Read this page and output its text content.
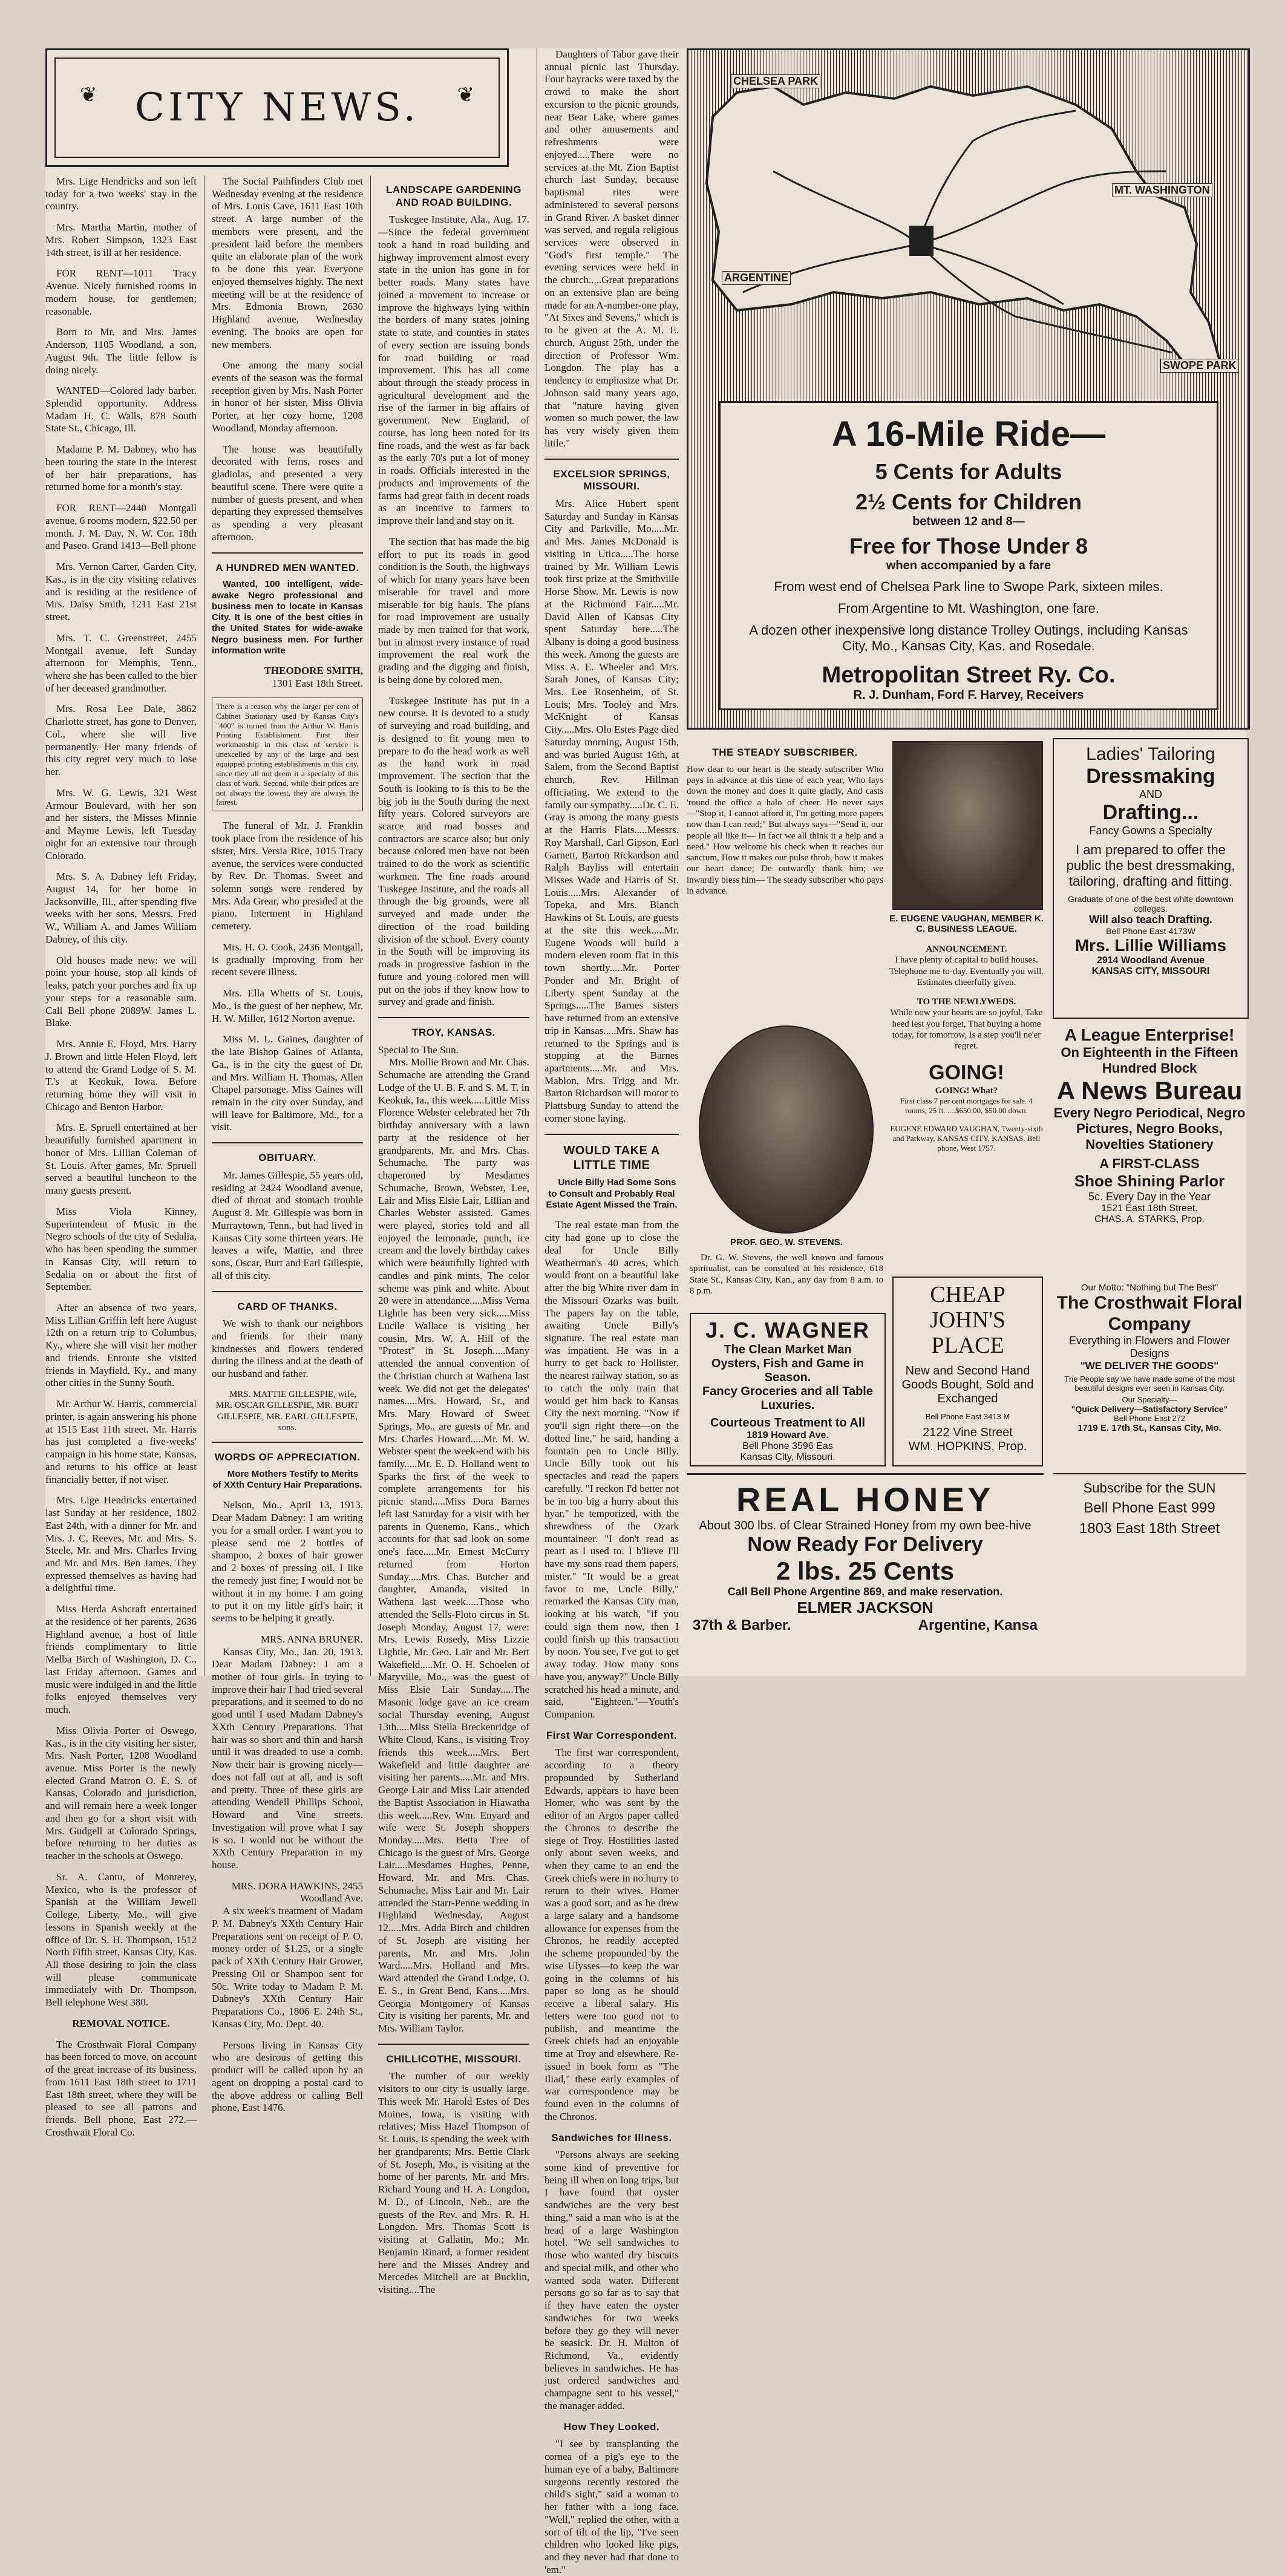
❦ CITY NEWS. ❦

Mrs. Lige Hendricks and son left today for a two weeks' stay in the country.

Mrs. Martha Martin, mother of Mrs. Robert Simpson, 1323 East 14th street, is ill at her residence.

FOR RENT—1011 Tracy Avenue. Nicely furnished rooms in modern house, for gentlemen; reasonable.

Born to Mr. and Mrs. James Anderson, 1105 Woodland, a son, August 9th. The little fellow is doing nicely.

WANTED—Colored lady barber. Splendid opportunity. Address Madam H. C. Walls, 878 South State St., Chicago, Ill.

Madame P. M. Dabney, who has been touring the state in the interest of her hair preparations, has returned home for a month's stay.

FOR RENT—2440 Montgall avenue, 6 rooms modern, $22.50 per month. J. M. Day, N. W. Cor. 18th and Paseo. Grand 1413—Bell phone

Mrs. Vernon Carter, Garden City, Kas., is in the city visiting relatives and is residing at the residence of Mrs. Daisy Smith, 1211 East 21st street.

Mrs. T. C. Greenstreet, 2455 Montgall avenue, left Sunday afternoon for Memphis, Tenn., where she has been called to the bier of her deceased grandmother.

Mrs. Rosa Lee Dale, 3862 Charlotte street, has gone to Denver, Col., where she will live permanently. Her many friends of this city regret very much to lose her.

Mrs. W. G. Lewis, 321 West Armour Boulevard, with her son and her sisters, the Misses Minnie and Mayme Lewis, left Tuesday night for an extensive tour through Colorado.

Mrs. S. A. Dabney left Friday, August 14, for her home in Jacksonville, Ill., after spending five weeks with her sons, Messrs. Fred W., William A. and James William Dabney, of this city.

Old houses made new: we will point your house, stop all kinds of leaks, patch your porches and fix up your steps for a reasonable sum. Call Bell phone 2089W. James L. Blake.

Mrs. Annie E. Floyd, Mrs. Harry J. Brown and little Helen Floyd, left to attend the Grand Lodge of S. M. T.'s at Keokuk, Iowa. Before returning home they will visit in Chicago and Benton Harbor.

Mrs. E. Spruell entertained at her beautifully furnished apartment in honor of Mrs. Lillian Coleman of St. Louis. After games, Mr. Spruell served a beautiful luncheon to the many guests present.

Miss Viola Kinney, Superintendent of Music in the Negro schools of the city of Sedalia, who has been spending the summer in Kansas City, will return to Sedalia on or about the first of September.

After an absence of two years, Miss Lillian Griffin left here August 12th on a return trip to Columbus, Ky., where she will visit her mother and friends. Enroute she visited friends in Mayfield, Ky., and many other cities in the Sunny South.

Mr. Arthur W. Harris, commercial printer, is again answering his phone at 1515 East 11th street. Mr. Harris has just completed a five-weeks' campaign in his home state, Kansas, and returns to his office at least financially better, if not wiser.

Mrs. Lige Hendricks entertained last Sunday at her residence, 1802 East 24th, with a dinner for Mr. and Mrs. J. C. Reeves, Mr. and Mrs. S. Steele, Mr. and Mrs. Charles Irving and Mr. and Mrs. Ben James. They expressed themselves as having had a delightful time.

Miss Herda Ashcraft entertained at the residence of her parents, 2636 Highland avenue, a host of little friends complimentary to little Melba Birch of Washington, D. C., last Friday afternoon. Games and music were indulged in and the little folks enjoyed themselves very much.

Miss Olivia Porter of Oswego, Kas., is in the city visiting her sister, Mrs. Nash Porter, 1208 Woodland avenue. Miss Porter is the newly elected Grand Matron O. E. S. of Kansas, Colorado and jurisdiction, and will remain here a week longer and then go for a short visit with Mrs. Gudgell at Colorado Springs, before returning to her duties as teacher in the schools at Oswego.

Sr. A. Cantu, of Monterey, Mexico, who is the professor of Spanish at the William Jewell College, Liberty, Mo., will give lessons in Spanish weekly at the office of Dr. S. H. Thompson, 1512 North Fifth street, Kansas City, Kas. All those desiring to join the class will please communicate immediately with Dr. Thompson, Bell telephone West 380.

REMOVAL NOTICE.

The Crosthwait Floral Company has been forced to move, on account of the great increase of its business, from 1611 East 18th street to 1711 East 18th street, where they will be pleased to see all patrons and friends. Bell phone, East 272.—Crosthwait Floral Co.

The Social Pathfinders Club met Wednesday evening at the residence of Mrs. Louis Cave, 1611 East 10th street. A large number of the members were present, and the president laid before the members quite an elaborate plan of the work to be done this year. Everyone enjoyed themselves highly. The next meeting will be at the residence of Mrs. Edmonia Brown, 2630 Highland avenue, Wednesday evening. The books are open for new members.

One among the many social events of the season was the formal reception given by Mrs. Nash Porter in honor of her sister, Miss Olivia Porter, at her cozy home, 1208 Woodland, Monday afternoon.

The house was beautifully decorated with ferns, roses and gladiolas, and presented a very beautiful scene. There were quite a number of guests present, and when departing they expressed themselves as spending a very pleasant afternoon.

A HUNDRED MEN WANTED.

Wanted, 100 intelligent, wide-awake Negro professional and business men to locate in Kansas City. It is one of the best cities in the United States for wide-awake Negro business men. For further information write

THEODORE SMITH,
1301 East 18th Street.
There is a reason why the larger per cent of Cabinet Stationary used by Kansas City's "400" is turned from the Arthur W. Harris Printing Establishment. First their workmanship in this class of service is unexcelled by any of the large and best equipped printing establishments in this city, since they all not deem it a specialty of this class of work. Second, while their prices are not always the lowest, they are always the fairest.

The funeral of Mr. J. Franklin took place from the residence of his sister, Mrs. Versia Rice, 1015 Tracy avenue, the services were conducted by Rev. Dr. Thomas. Sweet and solemn songs were rendered by Mrs. Ada Grear, who presided at the piano. Interment in Highland cemetery.

Mrs. H. O. Cook, 2436 Montgall, is gradually improving from her recent severe illness.

Mrs. Ella Whetts of St. Louis, Mo., is the guest of her nephew, Mr. H. W. Miller, 1612 Norton avenue.

Miss M. L. Gaines, daughter of the late Bishop Gaines of Atlanta, Ga., is in the city the guest of Dr. and Mrs. William H. Thomas, Allen Chapel parsonage. Miss Gaines will remain in the city over Sunday, and will leave for Baltimore, Md., for a visit.

OBITUARY.

Mr. James Gillespie, 55 years old, residing at 2424 Woodland avenue, died of throat and stomach trouble August 8. Mr. Gillespie was born in Murraytown, Tenn., but had lived in Kansas City some thirteen years. He leaves a wife, Mattie, and three sons, Oscar, Burt and Earl Gillespie, all of this city.

CARD OF THANKS.

We wish to thank our neighbors and friends for their many kindnesses and flowers tendered during the illness and at the death of our husband and father.

MRS. MATTIE GILLESPIE, wife, MR. OSCAR GILLESPIE, MR. BURT GILLESPIE, MR. EARL GILLESPIE, sons.

WORDS OF APPRECIATION.

More Mothers Testify to Merits of XXth Century Hair Preparations.

Nelson, Mo., April 13, 1913. Dear Madam Dabney: I am writing you for a small order. I want you to please send me 2 bottles of shampoo, 2 boxes of hair grower and 2 boxes of pressing oil. I like the remedy just fine; I would not be without it in my home. I am going to put it on my little girl's hair; it seems to be helping it greatly.

MRS. ANNA BRUNER.

Kansas City, Mo., Jan. 20, 1913. Dear Madam Dabney: I am a mother of four girls. In trying to improve their hair I had tried several preparations, and it seemed to do no good until I used Madam Dabney's XXth Century Preparations. That hair was so short and thin and harsh until it was dreaded to use a comb. Now their hair is growing nicely—does not fall out at all, and is soft and pretty. Three of these girls are attending Wendell Phillips School, Howard and Vine streets. Investigation will prove what I say is so. I would not be without the XXth Century Preparation in my house.

MRS. DORA HAWKINS, 2455 Woodland Ave.

A six week's treatment of Madam P. M. Dabney's XXth Century Hair Preparations sent on receipt of P. O. money order of $1.25, or a single pack of XXth Century Hair Grower, Pressing Oil or Shampoo sent for 50c. Write today to Madam P. M. Dabney's XXth Century Hair Preparations Co., 1806 E. 24th St., Kansas City, Mo. Dept. 40.

Persons living in Kansas City who are desirous of getting this product will be called upon by an agent on dropping a postal card to the above address or calling Bell phone, East 1476.

LANDSCAPE GARDENING AND ROAD BUILDING.

Tuskegee Institute, Ala., Aug. 17.—Since the federal government took a hand in road building and highway improvement almost every state in the union has gone in for better roads. Many states have joined a movement to increase or improve the highways lying within the borders of many states joining state to state, and counties in states of every section are issuing bonds for road building or road improvement. This has all come about through the steady process in agricultural development and the rise of the farmer in big affairs of government. New England, of course, has long been noted for its fine roads, and the west as far back as the early 70's put a lot of money in roads. Officials interested in the products and improvements of the farms had great faith in decent roads as an incentive to farmers to improve their land and stay on it.

The section that has made the big effort to put its roads in good condition is the South, the highways of which for many years have been miserable for travel and more miserable for big hauls. The plans for road improvement are usually made by men trained for that work, but in almost every instance of road improvement the real work the grading and the digging and finish, is being done by colored men.

Tuskegee Institute has put in a new course. It is devoted to a study of surveying and road building, and is designed to fit young men to prepare to do the head work as well as the hand work in road improvement. The section that the South is looking to is this to be the big job in the South during the next fifty years. Colored surveyors are scarce and road bosses and contractors are scarce also; but only because colored men have not been trained to do the work as scientific workmen. The fine roads around Tuskegee Institute, and the roads all through the big grounds, were all surveyed and made under the direction of the road building division of the school. Every county in the South will be improving its roads in progressive fashion in the future and young colored men will put on the jobs if they know how to survey and grade and finish.

TROY, KANSAS.
Special to The Sun.

Mrs. Mollie Brown and Mr. Chas. Schumache are attending the Grand Lodge of the U. B. F. and S. M. T. in Keokuk, Ia., this week.....Little Miss Florence Webster celebrated her 7th birthday anniversary with a lawn party at the residence of her grandparents, Mr. and Mrs. Chas. Schumache. The party was chaperoned by Mesdames Schumache, Brown, Webster, Lee, Lair and Miss Elsie Lair, Lillian and Charles Webster assisted. Games were played, stories told and all enjoyed the lemonade, punch, ice cream and the lovely birthday cakes which were beautifully lighted with candles and pink mints. The color scheme was pink and white. About 20 were in attendance.....Miss Verna Lightle has been very sick.....Miss Lucile Wallace is visiting her cousin, Mrs. W. A. Hill of the "Protest" in St. Joseph.....Many attended the annual convention of the Christian church at Wathena last week. We did not get the delegates' names.....Mrs. Howard, Sr., and Mrs. Mary Howard of Sweet Springs, Mo., are guests of Mr. and Mrs. Charles Howard.....Mr. M. W. Webster spent the week-end with his family.....Mr. E. D. Holland went to Sparks the first of the week to complete arrangements for his picnic stand.....Miss Dora Barnes left last Saturday for a visit with her parents in Quenemo, Kans., which accounts for that sad look on some one's face.....Mr. Ernest McCurry returned from Horton Sunday.....Mrs. Chas. Butcher and daughter, Amanda, visited in Wathena last week.....Those who attended the Sells-Floto circus in St. Joseph Monday, August 17, were: Mrs. Lewis Rosedy, Miss Lizzie Lightle, Mr. Geo. Lair and Mr. Bert Wakefield.....Mr. O. H. Schoelen of Maryville, Mo., was the guest of Miss Elsie Lair Sunday.....The Masonic lodge gave an ice cream social Thursday evening, August 13th.....Miss Stella Breckenridge of White Cloud, Kans., is visiting Troy friends this week.....Mrs. Bert Wakefield and little daughter are visiting her parents.....Mr. and Mrs. George Lair and Miss Lair attended the Baptist Association in Hiawatha this week.....Rev. Wm. Enyard and wife were St. Joseph shoppers Monday.....Mrs. Betta Tree of Chicago is the guest of Mrs. George Lair.....Mesdames Hughes, Penne, Howard, Mr. and Mrs. Chas. Schumache, Miss Lair and Mr. Lair attended the Starr-Penne wedding in Highland Wednesday, August 12.....Mrs. Adda Birch and children of St. Joseph are visiting her parents, Mr. and Mrs. John Ward.....Mrs. Holland and Mrs. Ward attended the Grand Lodge, O. E. S., in Great Bend, Kans.....Mrs. Georgia Montgomery of Kansas City is visiting her parents, Mr. and Mrs. William Taylor.

CHILLICOTHE, MISSOURI.

The number of our weekly visitors to our city is usually large. This week Mr. Harold Estes of Des Moines, Iowa, is visiting with relatives; Miss Hazel Thompson of St. Louis, is spending the week with her grandparents; Mrs. Bettie Clark of St. Joseph, Mo., is visiting at the home of her parents, Mr. and Mrs. Richard Young and H. A. Longdon, M. D., of Lincoln, Neb., are the guests of the Rev. and Mrs. R. H. Longdon. Mrs. Thomas Scott is visiting at Gallatin, Mo.; Mr. Benjamin Rinard, a former resident here and the Misses Andrey and Mercedes Mitchell are at Bucklin, visiting....The

Daughters of Tabor gave their annual picnic last Thursday. Four hayracks were taxed by the crowd to make the short excursion to the picnic grounds, near Bear Lake, where games and other amusements and refreshments were enjoyed.....There were no services at the Mt. Zion Baptist church last Sunday, because baptismal rites were administered to several persons in Grand River. A basket dinner was served, and regula religious services were observed in "God's first temple." The evening services were held in the church.....Great preparations on an extensive plan are being made for an A-number-one play, "At Sixes and Sevens," which is to be given at the A. M. E. church, August 25th, under the direction of Professor Wm. Longdon. The play has a tendency to emphasize what Dr. Johnson said many years ago, that "nature having given women so much power, the law has very wisely given them little."

EXCELSIOR SPRINGS, MISSOURI.

Mrs. Alice Hubert spent Saturday and Sunday in Kansas City and Parkville, Mo.....Mr. and Mrs. James McDonald is visiting in Utica.....The horse trained by Mr. William Lewis took first prize at the Smithville Horse Show. Mr. Lewis is now at the Richmond Fair.....Mr. David Allen of Kansas City spent Saturday here.....The Albany is doing a good business this week. Among the guests are Miss A. E. Wheeler and Mrs. Sarah Jones, of Kansas City; Mrs. Lee Rosenheim, of St. Louis; Mrs. Tooley and Mrs. McKnight of Kansas City.....Mrs. Olo Estes Page died Saturday morning, August 15th, and was buried August 16th, at Salem, from the Second Baptist church, Rev. Hillman officiating. We extend to the family our sympathy.....Dr. C. E. Gray is among the many guests at the Harris Flats.....Messrs. Roy Marshall, Carl Gipson, Earl Garnett, Barton Rickardson and Ralph Bayliss will entertain Misses Wade and Harris of St. Louis.....Mrs. Alexander of Topeka, and Mrs. Blanch Hawkins of St. Louis, are guests at the site this week.....Mr. Eugene Woods will build a modern eleven room flat in this town shortly.....Mr. Porter Ponder and Mr. Bright of Liberty spent Sunday at the Springs.....The Barnes sisters have returned from an extensive trip in Kansas.....Mrs. Shaw has returned to the Springs and is stopping at the Barnes apartments.....Mr. and Mrs. Mablon, Mrs. Trigg and Mr. Barton Richardson will motor to Plattsburg Sunday to attend the corner stone laying.

WOULD TAKE A LITTLE TIME

Uncle Billy Had Some Sons to Consult and Probably Real Estate Agent Missed the Train.

The real estate man from the city had gone up to close the deal for Uncle Billy Weatherman's 40 acres, which would front on a beautiful lake after the big White river dam in the Missouri Ozarks was built. The papers lay on the table, awaiting Uncle Billy's signature. The real estate man was impatient. He was in a hurry to get back to Hollister, the nearest railway station, so as to catch the only train that would get him back to Kansas City the next morning. "Now if you'll sign right there—on the dotted line," he said, handing a fountain pen to Uncle Billy. Uncle Billy took out his spectacles and read the papers carefully. "I reckon I'd better not be in too big a hurry about this hyar," he temporized, with the shrewdness of the Ozark mountaineer. "I don't read as peart as I used to. I b'lieve I'll have my sons read them papers, mister." "It would be a great favor to me, Uncle Billy," remarked the Kansas City man, looking at his watch, "if you could sign them now, then I could finish up this transaction by noon. You see, I've got to get away today. How many sons have you, anyway?" Uncle Billy scratched his head a minute, and said, "Eighteen."—Youth's Companion.

First War Correspondent.

The first war correspondent, according to a theory propounded by Sutherland Edwards, appears to have been Homer, who was sent by the editor of an Argos paper called the Chronos to describe the siege of Troy. Hostilities lasted only about seven weeks, and when they came to an end the Greek chiefs were in no hurry to return to their wives. Homer was a good sort, and as he drew a large salary and a handsome allowance for expenses from the Chronos, he readily accepted the scheme propounded by the wise Ulysses—to keep the war going in the columns of his paper so long as he should receive a liberal salary. His letters were too good not to publish, and meantime the Greek chiefs had an enjoyable time at Troy and elsewhere. Re-issued in book form as "The Iliad," these early examples of war correspondence may be found even in the columns of the Chronos.

Sandwiches for Illness.

"Persons always are seeking some kind of preventive for being ill when on long trips, but I have found that oyster sandwiches are the very best thing," said a man who is at the head of a large Washington hotel. "We sell sandwiches to those who wanted dry biscuits and special milk, and other who wanted soda water. Different persons go so far as to say that if they have eaten the oyster sandwiches for two weeks before they go they will never be seasick. Dr. H. Multon of Richmond, Va., evidently believes in sandwiches. He has just ordered sandwiches and champagne sent to his vessel," the manager added.

How They Looked.

"I see by transplanting the cornea of a pig's eye to the human eye of a baby, Baltimore surgeons recently restored the child's sight," said a woman to her father with a long face. "Well," replied the other, with a sort of tilt of the lip, "I've seen children who looked like pigs, and they never had that done to 'em."

CHELSEA PARK
MT. WASHINGTON
ARGENTINE
SWOPE PARK
A 16-Mile Ride—
5 Cents for Adults
2½ Cents for Children
between 12 and 8—
Free for Those Under 8
when accompanied by a fare
From west end of Chelsea Park line to Swope Park, sixteen miles.
From Argentine to Mt. Washington, one fare.
A dozen other inexpensive long distance Trolley Outings, including Kansas City, Mo., Kansas City, Kas. and Rosedale.
Metropolitan Street Ry. Co.
R. J. Dunham, Ford F. Harvey, Receivers
THE STEADY SUBSCRIBER.

How dear to our heart is the steady subscriber Who pays in advance at this time of each year, Who lays down the money and does it quite gladly, And casts 'round the office a halo of cheer. He never says—"Stop it, I cannot afford it, I'm getting more papers now than I can read;" But always says—"Send it, our people all like it— In fact we all think it a help and a need." How welcome his check when it reaches our sanctum, How it makes our pulse throb, how it makes our heart dance; De outwardly thank him; we inwardly bless him— The steady subscriber who pays in advance.

E. EUGENE VAUGHAN, MEMBER K. C. BUSINESS LEAGUE.
ANNOUNCEMENT.

I have plenty of capital to build houses. Telephone me to-day. Eventually you will. Estimates cheerfully given.

TO THE NEWLYWEDS.

While now your hearts are so joyful, Take heed lest you forget, That buying a home today, for tomorrow, Is a step you'll ne'er regret.

GOING!
GOING! What?

First class 7 per cent mortgages for sale. 4 rooms, 25 ft. ....$650.00, $50.00 down.

EUGENE EDWARD VAUGHAN, Twenty-sixth and Parkway, KANSAS CITY, KANSAS. Bell phone, West 1757.

PROF. GEO. W. STEVENS.

Dr. G. W. Stevens, the well known and famous spiritualist, can be consulted at his residence, 618 State St., Kansas City, Kan., any day from 8 a.m. to 8 p.m.

J. C. WAGNER
The Clean Market Man
Oysters, Fish and Game in Season.
Fancy Groceries and all Table Luxuries.
Courteous Treatment to All
1819 Howard Ave.
Bell Phone 3596 Eas
Kansas City, Missouri.
CHEAP JOHN'S PLACE
New and Second Hand Goods Bought, Sold and Exchanged
Bell Phone East 3413 M
2122 Vine Street
WM. HOPKINS, Prop.
Ladies' Tailoring
Dressmaking
AND
Drafting...
Fancy Gowns a Specialty
I am prepared to offer the public the best dressmaking, tailoring, drafting and fitting.
Graduate of one of the best white downtown colleges.
Will also teach Drafting.
Bell Phone East 4173W
Mrs. Lillie Williams
2914 Woodland Avenue
KANSAS CITY, MISSOURI
A League Enterprise!
On Eighteenth in the Fifteen Hundred Block
A News Bureau
Every Negro Periodical, Negro Pictures, Negro Books, Novelties Stationery
A FIRST-CLASS
Shoe Shining Parlor
5c. Every Day in the Year
1521 East 18th Street.
CHAS. A. STARKS, Prop.
Our Motto: "Nothing but The Best"
The Crosthwait Floral Company
Everything in Flowers and Flower Designs
"WE DELIVER THE GOODS"
The People say we have made some of the most beautiful designs ever seen in Kansas City.
Our Specialty—
"Quick Delivery—Satisfactory Service"
Bell Phone East 272
1719 E. 17th St., Kansas City, Mo.
Subscribe for the SUN
Bell Phone East 999
1803 East 18th Street
REAL HONEY
About 300 lbs. of Clear Strained Honey from my own bee-hive
Now Ready For Delivery
2 lbs. 25 Cents
Call Bell Phone Argentine 869, and make reservation.
ELMER JACKSON
37th & Barber.	Argentine, Kansa
